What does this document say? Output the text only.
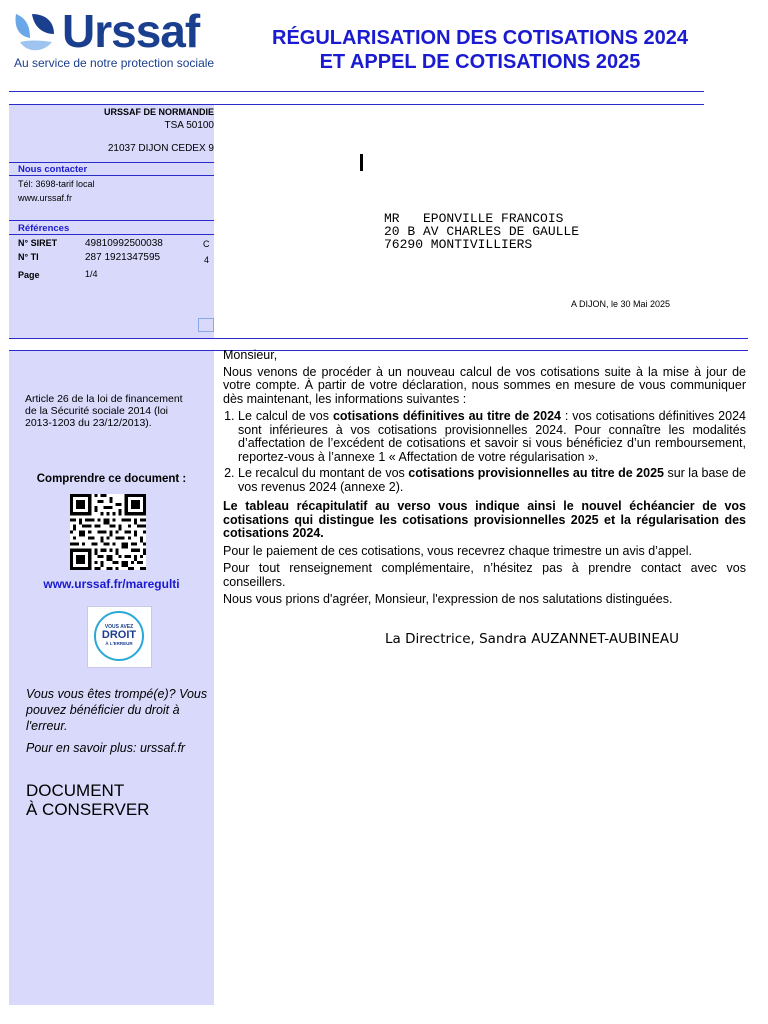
Urssaf
Au service de notre protection sociale
RÉGULARISATION DES COTISATIONS 2024
ET APPEL DE COTISATIONS 2025
URSSAF DE NORMANDIE
TSA 50100
21037 DIJON CEDEX 9
Nous contacter
Tél: 3698-tarif local
www.urssaf.fr
Références
N° SIRET	49810992500038	C
N° TI	287 1921347595	4
Page	1/4
MR   EPONVILLE FRANCOIS
20 B AV CHARLES DE GAULLE
76290 MONTIVILLIERS
A DIJON, le 30 Mai 2025
Article 26 de la loi de financement de la Sécurité sociale 2014 (loi 2013-1203 du 23/12/2013).
Comprendre ce document :
www.urssaf.fr/maregulti
VOUS AVEZ
DROIT
À L'ERREUR
Vous vous êtes trompé(e)? Vous pouvez bénéficier du droit à l'erreur.
Pour en savoir plus: urssaf.fr
DOCUMENT
À CONSERVER

Monsieur,

Nous venons de procéder à un nouveau calcul de vos cotisations suite à la mise à jour de votre compte. À partir de votre déclaration, nous sommes en mesure de vous communiquer dès maintenant, les informations suivantes :

1. Le calcul de vos cotisations définitives au titre de 2024 : vos cotisations définitives 2024 sont inférieures à vos cotisations provisionnelles 2024. Pour connaître les modalités d’affectation de l’excédent de cotisations et savoir si vous bénéficiez d’un remboursement, reportez-vous à l’annexe 1 « Affectation de votre régularisation ».
2. Le recalcul du montant de vos cotisations provisionnelles au titre de 2025 sur la base de vos revenus 2024 (annexe 2).

Le tableau récapitulatif au verso vous indique ainsi le nouvel échéancier de vos cotisations qui distingue les cotisations provisionnelles 2025 et la régularisation des cotisations 2024.

Pour le paiement de ces cotisations, vous recevrez chaque trimestre un avis d’appel.

Pour tout renseignement complémentaire, n’hésitez pas à prendre contact avec vos conseillers.

Nous vous prions d'agréer, Monsieur, l'expression de nos salutations distinguées.

La Directrice, Sandra AUZANNET-AUBINEAU
